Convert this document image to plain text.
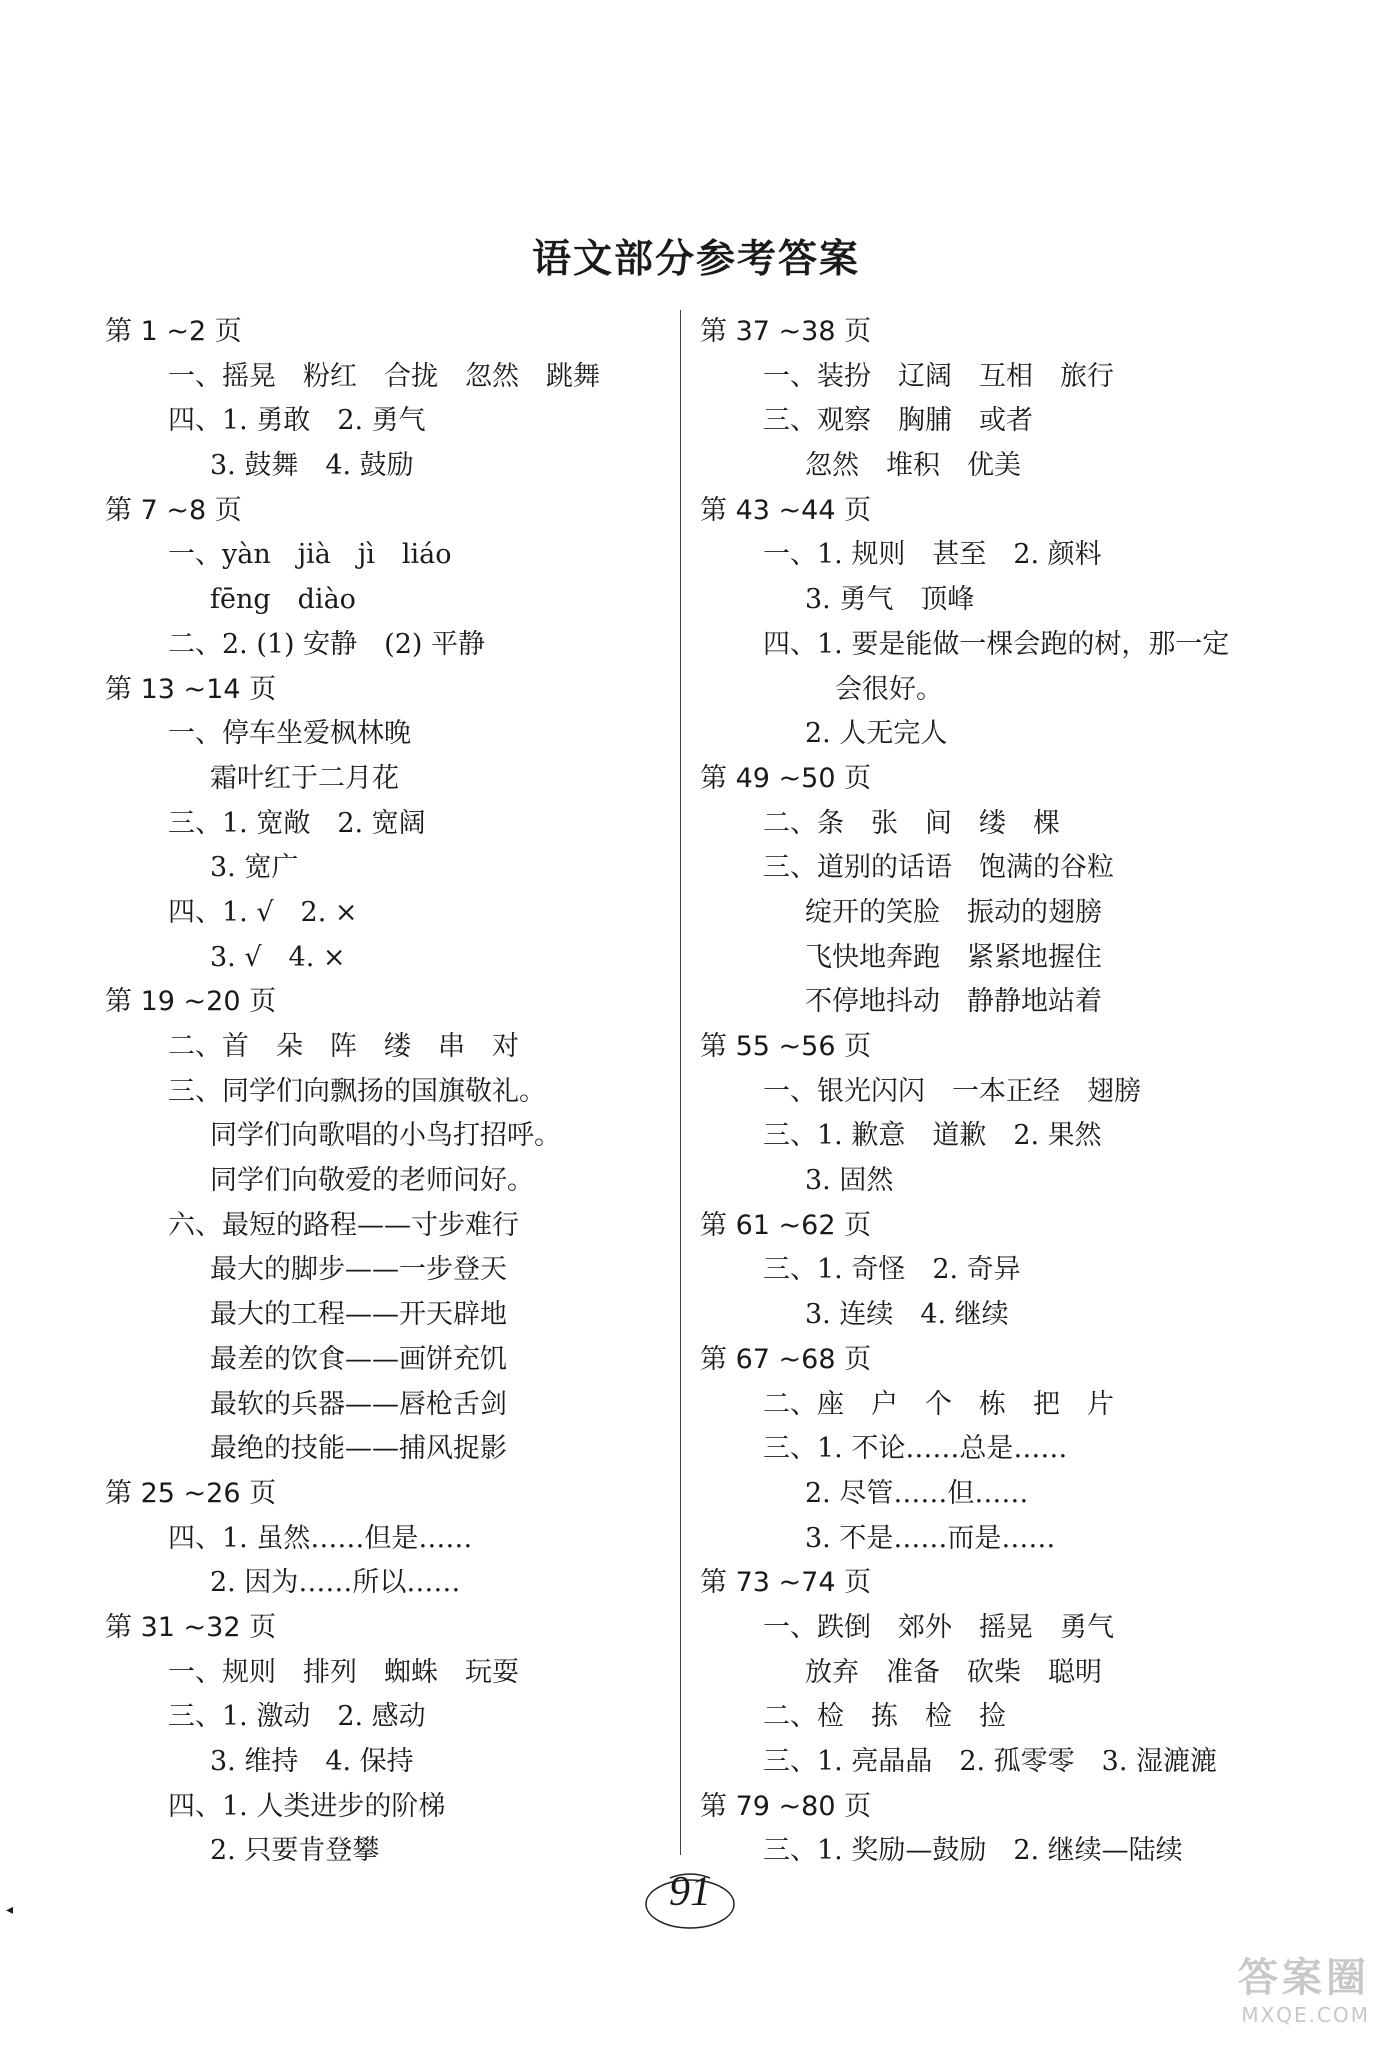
语文部分参考答案
第 1 ~2 页
一、摇晃　粉红　合拢　忽然　跳舞
四、1. 勇敢　2. 勇气
3. 鼓舞　4. 鼓励
第 7 ~8 页
一、yàn　jià　jì　liáo
fēng　diào
二、2. (1) 安静　(2) 平静
第 13 ~14 页
一、停车坐爱枫林晚
霜叶红于二月花
三、1. 宽敞　2. 宽阔
3. 宽广
四、1. √　2. ×
3. √　4. ×
第 19 ~20 页
二、首　朵　阵　缕　串　对
三、同学们向飘扬的国旗敬礼。
同学们向歌唱的小鸟打招呼。
同学们向敬爱的老师问好。
六、最短的路程——寸步难行
最大的脚步——一步登天
最大的工程——开天辟地
最差的饮食——画饼充饥
最软的兵器——唇枪舌剑
最绝的技能——捕风捉影
第 25 ~26 页
四、1. 虽然……但是……
2. 因为……所以……
第 31 ~32 页
一、规则　排列　蜘蛛　玩耍
三、1. 激动　2. 感动
3. 维持　4. 保持
四、1. 人类进步的阶梯
2. 只要肯登攀
第 37 ~38 页
一、装扮　辽阔　互相　旅行
三、观察　胸脯　或者
忽然　堆积　优美
第 43 ~44 页
一、1. 规则　甚至　2. 颜料
3. 勇气　顶峰
四、1. 要是能做一棵会跑的树，那一定
会很好。
2. 人无完人
第 49 ~50 页
二、条　张　间　缕　棵
三、道别的话语　饱满的谷粒
绽开的笑脸　振动的翅膀
飞快地奔跑　紧紧地握住
不停地抖动　静静地站着
第 55 ~56 页
一、银光闪闪　一本正经　翅膀
三、1. 歉意　道歉　2. 果然
3. 固然
第 61 ~62 页
三、1. 奇怪　2. 奇异
3. 连续　4. 继续
第 67 ~68 页
二、座　户　个　栋　把　片
三、1. 不论……总是……
2. 尽管……但……
3. 不是……而是……
第 73 ~74 页
一、跌倒　郊外　摇晃　勇气
放弃　准备　砍柴　聪明
二、检　拣　检　捡
三、1. 亮晶晶　2. 孤零零　3. 湿漉漉
第 79 ~80 页
三、1. 奖励—鼓励　2. 继续—陆续
91
◂
答案圈
MXQE.COM
